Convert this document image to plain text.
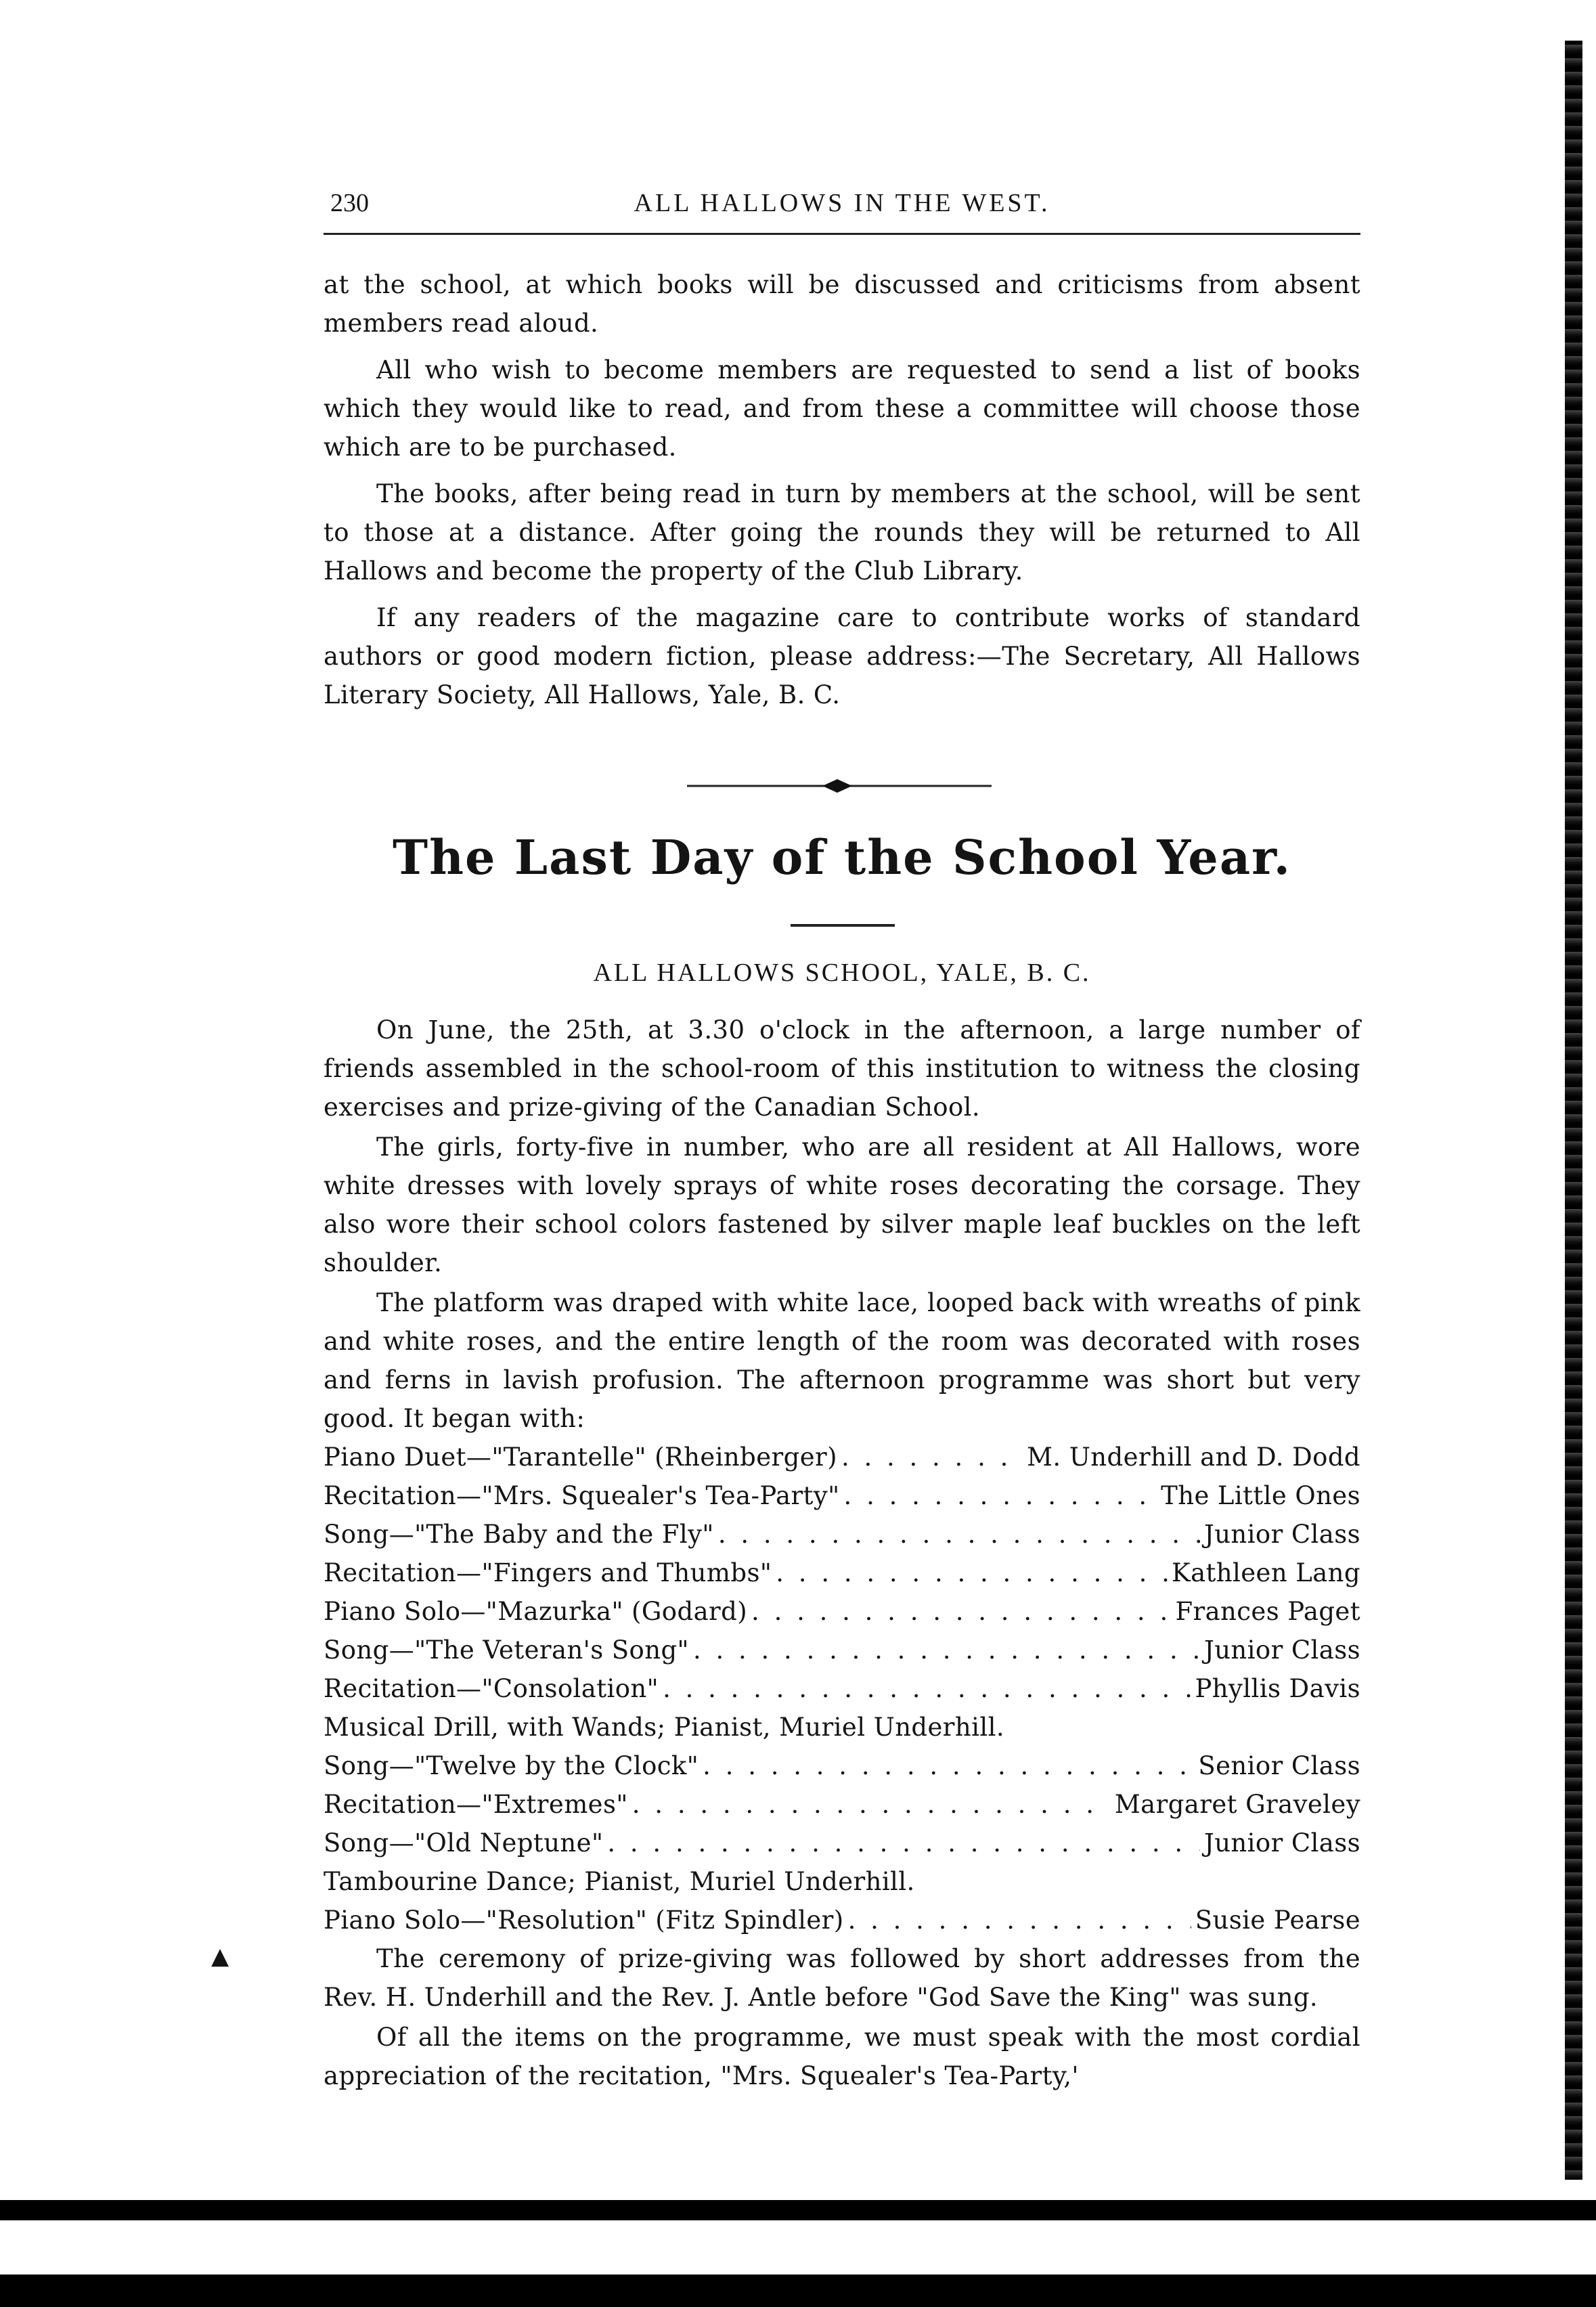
230	ALL HALLOWS IN THE WEST.

at the school, at which books will be discussed and criticisms from absent members read aloud.

All who wish to become members are requested to send a list of books which they would like to read, and from these a committee will choose those which are to be purchased.

The books, after being read in turn by members at the school, will be sent to those at a distance. After going the rounds they will be returned to All Hallows and become the property of the Club Library.

If any readers of the magazine care to contribute works of standard authors or good modern fiction, please address:—The Secretary, All Hallows Literary Society, All Hallows, Yale, B. C.

The Last Day of the School Year.
ALL HALLOWS SCHOOL, YALE, B. C.

On June, the 25th, at 3.30 o'clock in the afternoon, a large number of friends assembled in the school-room of this institution to witness the closing exercises and prize-giving of the Canadian School.

The girls, forty-five in number, who are all resident at All Hallows, wore white dresses with lovely sprays of white roses decorating the corsage. They also wore their school colors fastened by silver maple leaf buckles on the left shoulder.

The platform was draped with white lace, looped back with wreaths of pink and white roses, and the entire length of the room was decorated with roses and ferns in lavish profusion. The afternoon programme was short but very good. It began with:

Piano Duet—"Tarantelle" (Rheinberger) . . .	M. Underhill and D. Dodd
Recitation—"Mrs. Squealer's Tea-Party" . . .	The Little Ones
Song—"The Baby and the Fly" . . .	Junior Class
Recitation—"Fingers and Thumbs" . . .	Kathleen Lang
Piano Solo—"Mazurka" (Godard) . . .	Frances Paget
Song—"The Veteran's Song" . . .	Junior Class
Recitation—"Consolation" . . .	Phyllis Davis
Musical Drill, with Wands; Pianist, Muriel Underhill.
Song—"Twelve by the Clock" . . .	Senior Class
Recitation—"Extremes" . . .	Margaret Graveley
Song—"Old Neptune" . . .	Junior Class
Tambourine Dance; Pianist, Muriel Underhill.
Piano Solo—"Resolution" (Fitz Spindler) . . .	Susie Pearse

The ceremony of prize-giving was followed by short addresses from the Rev. H. Underhill and the Rev. J. Antle before "God Save the King" was sung.

Of all the items on the programme, we must speak with the most cordial appreciation of the recitation, "Mrs. Squealer's Tea-Party,'

▲
